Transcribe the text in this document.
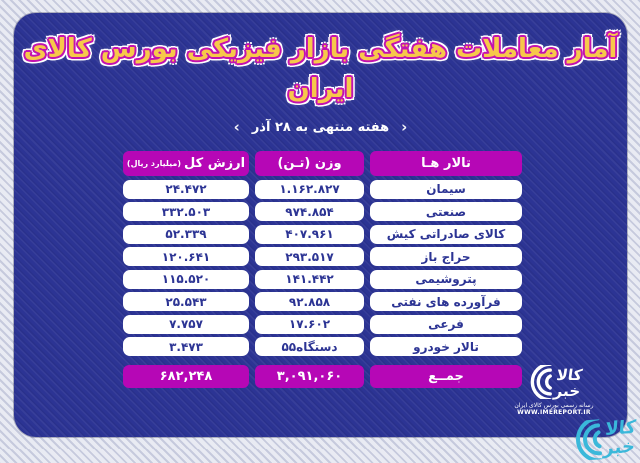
آمار معاملات هفتگی بازار فیزیکی بورس کالای ایران
‹ هفته منتهی به ۲۸ آذر ›
تالار هـا
وزن (تـن)
ارزش کل
(میلیارد ریال)
سیمان
۱.۱۶۲.۸۲۷
۲۴.۴۷۲
صنعتی
۹۷۴.۸۵۴
۳۳۲.۵۰۳
کالای صادراتی کیش
۴۰۷.۹۶۱
۵۲.۳۳۹
حراج باز
۲۹۳.۵۱۷
۱۲۰.۶۴۱
پتروشیمی
۱۴۱.۴۴۲
۱۱۵.۵۲۰
فرآورده های نفتی
۹۲.۸۵۸
۲۵.۵۴۳
فرعی
۱۷.۶۰۲
۷.۷۵۷
تالار خودرو
دستگاه۵۵
۳.۴۷۳
جمــع
۳,۰۹۱,۰۶۰
۶۸۲,۲۴۸	کالا
خبر
رسانه رسمی بورس کالای ایران
WWW.IMEREPORT.IR
کالا
خبر
